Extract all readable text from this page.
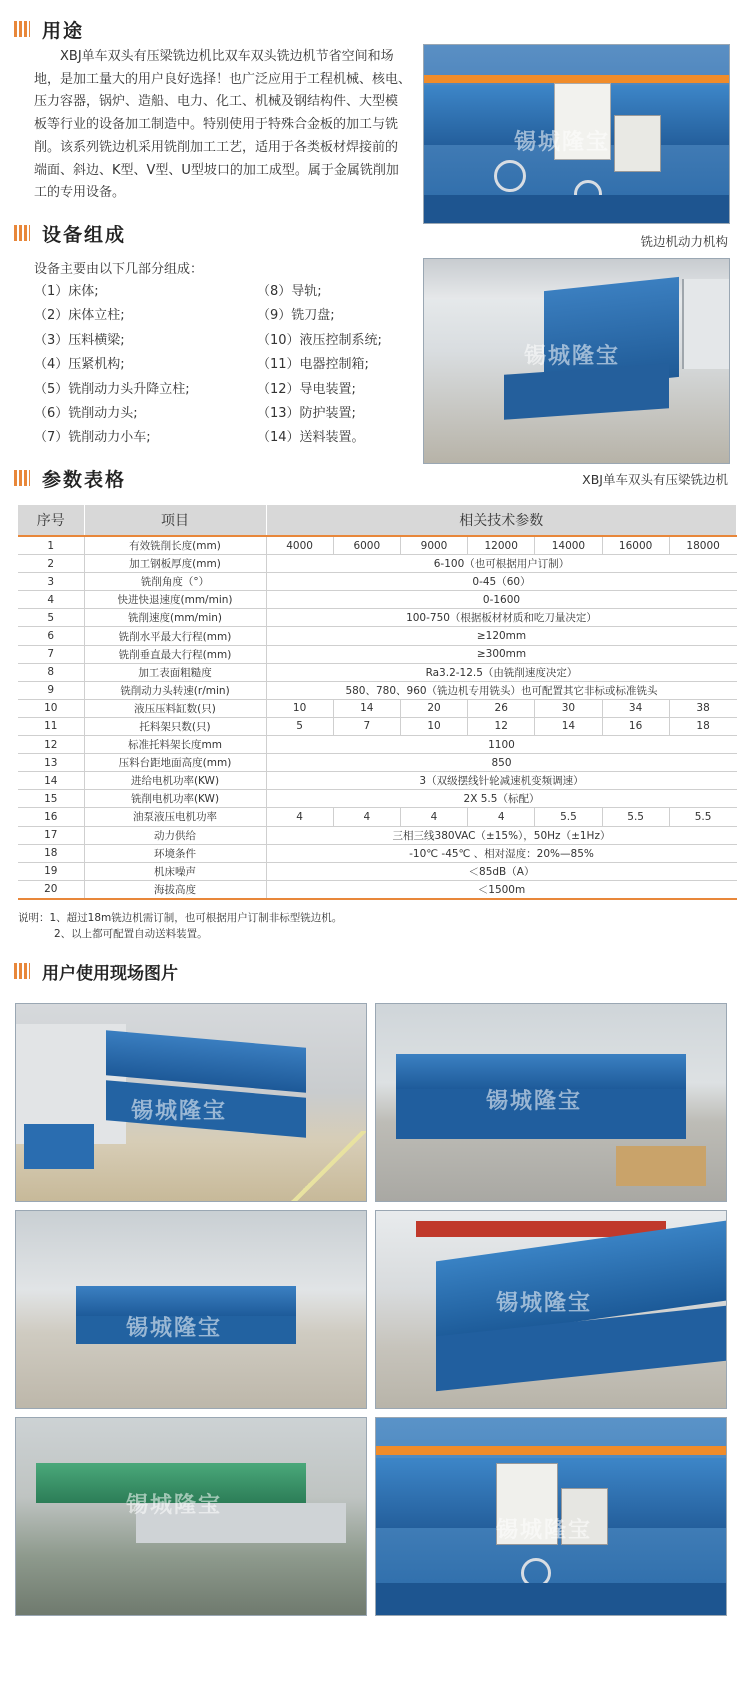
用途
XBJ单车双头有压梁铣边机比双车双头铣边机节省空间和场
地，是加工量大的用户良好选择！也广泛应用于工程机械、核电、
压力容器，锅炉、造船、电力、化工、机械及钢结构件、大型模
板等行业的设备加工制造中。特别使用于特殊合金板的加工与铣
削。该系列铣边机采用铣削加工工艺，适用于各类板材焊接前的
端面、斜边、K型、V型、U型坡口的加工成型。属于金属铣削加
工的专用设备。
锡城隆宝
铣边机动力机构
设备组成
设备主要由以下几部分组成：
（1）床体;
（2）床体立柱;
（3）压料横梁;
（4）压紧机构;
（5）铣削动力头升降立柱;
（6）铣削动力头;
（7）铣削动力小车;
（8）导轨;
（9）铣刀盘;
（10）液压控制系统;
（11）电器控制箱;
（12）导电装置;
（13）防护装置;
（14）送料装置。
锡城隆宝
XBJ单车双头有压梁铣边机
参数表格
序号	项目	相关技术参数						
1	有效铣削长度(mm)	4000	6000	9000	12000	14000	16000	18000
2	加工钢板厚度(mm)	6-100（也可根据用户订制）						
3	铣削角度（°）	0-45（60）						
4	快进快退速度(mm/min)	0-1600						
5	铣削速度(mm/min)	100-750（根据板材材质和吃刀量决定）						
6	铣削水平最大行程(mm)	≥120mm						
7	铣削垂直最大行程(mm)	≥300mm						
8	加工表面粗糙度	Ra3.2-12.5（由铣削速度决定）						
9	铣削动力头转速(r/min)	580、780、960（铣边机专用铣头）也可配置其它非标或标准铣头						
10	液压压料缸数(只)	10	14	20	26	30	34	38
11	托料架只数(只)	5	7	10	12	14	16	18
12	标准托料架长度mm	1100						
13	压料台距地面高度(mm)	850						
14	进给电机功率(KW)	3（双级摆线针轮减速机变频调速）						
15	铣削电机功率(KW)	2X 5.5（标配）						
16	油泵液压电机功率	4	4	4	4	5.5	5.5	5.5
17	动力供给	三相三线380VAC（±15%），50Hz（±1Hz）						
18	环境条件	-10℃ -45℃ 、相对湿度：20%—85%						
19	机床噪声	＜85dB（A）						
20	海拔高度	＜1500m						
说明：1、超过18m铣边机需订制，也可根据用户订制非标型铣边机。
2、以上都可配置自动送料装置。
用户使用现场图片
锡城隆宝	锡城隆宝
锡城隆宝
锡城隆宝
锡城隆宝
锡城隆宝
